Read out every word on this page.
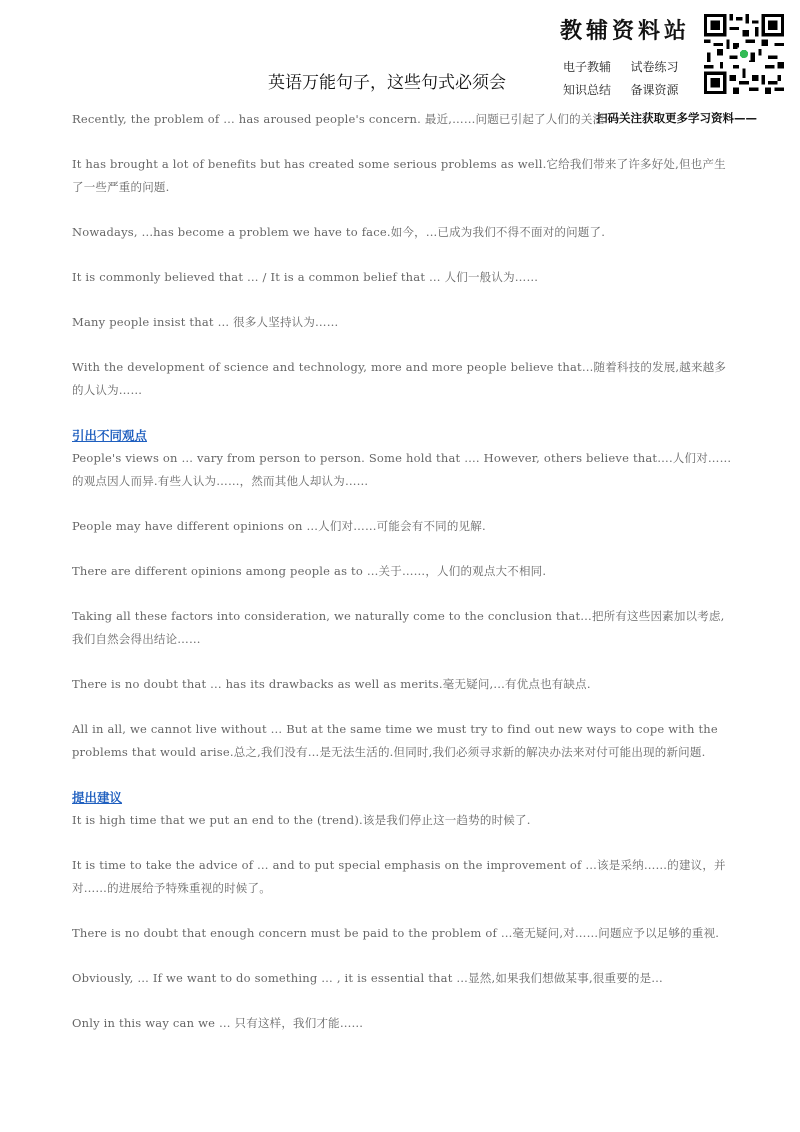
教辅资料站
电子教辅	试卷练习
知识总结	备课资源
英语万能句子，这些句式必须会
扫码关注获取更多学习资料——

Recently, the problem of … has aroused people's concern. 最近,……问题已引起了人们的关注.

It has brought a lot of benefits but has created some serious problems as well.它给我们带来了许多好处,但也产生了一些严重的问题.

Nowadays, ...has become a problem we have to face.如今，...已成为我们不得不面对的问题了.

It is commonly believed that … / It is a common belief that … 人们一般认为……

Many people insist that … 很多人坚持认为……

With the development of science and technology, more and more people believe that…随着科技的发展,越来越多的人认为……

引出不同观点

People's views on … vary from person to person. Some hold that …. However, others believe that….人们对……的观点因人而异.有些人认为……，然而其他人却认为……

People may have different opinions on …人们对……可能会有不同的见解.

There are different opinions among people as to …关于……，人们的观点大不相同.

Taking all these factors into consideration, we naturally come to the conclusion that…把所有这些因素加以考虑,我们自然会得出结论……

There is no doubt that ... has its drawbacks as well as merits.毫无疑问,...有优点也有缺点.

All in all, we cannot live without … But at the same time we must try to find out new ways to cope with the problems that would arise.总之,我们没有…是无法生活的.但同时,我们必须寻求新的解决办法来对付可能出现的新问题.

提出建议

It is high time that we put an end to the (trend).该是我们停止这一趋势的时候了.

It is time to take the advice of … and to put special emphasis on the improvement of …该是采纳……的建议，并对……的进展给予特殊重视的时候了。

There is no doubt that enough concern must be paid to the problem of …毫无疑问,对……问题应予以足够的重视.

Obviously, … If we want to do something … , it is essential that …显然,如果我们想做某事,很重要的是…

Only in this way can we … 只有这样，我们才能……
